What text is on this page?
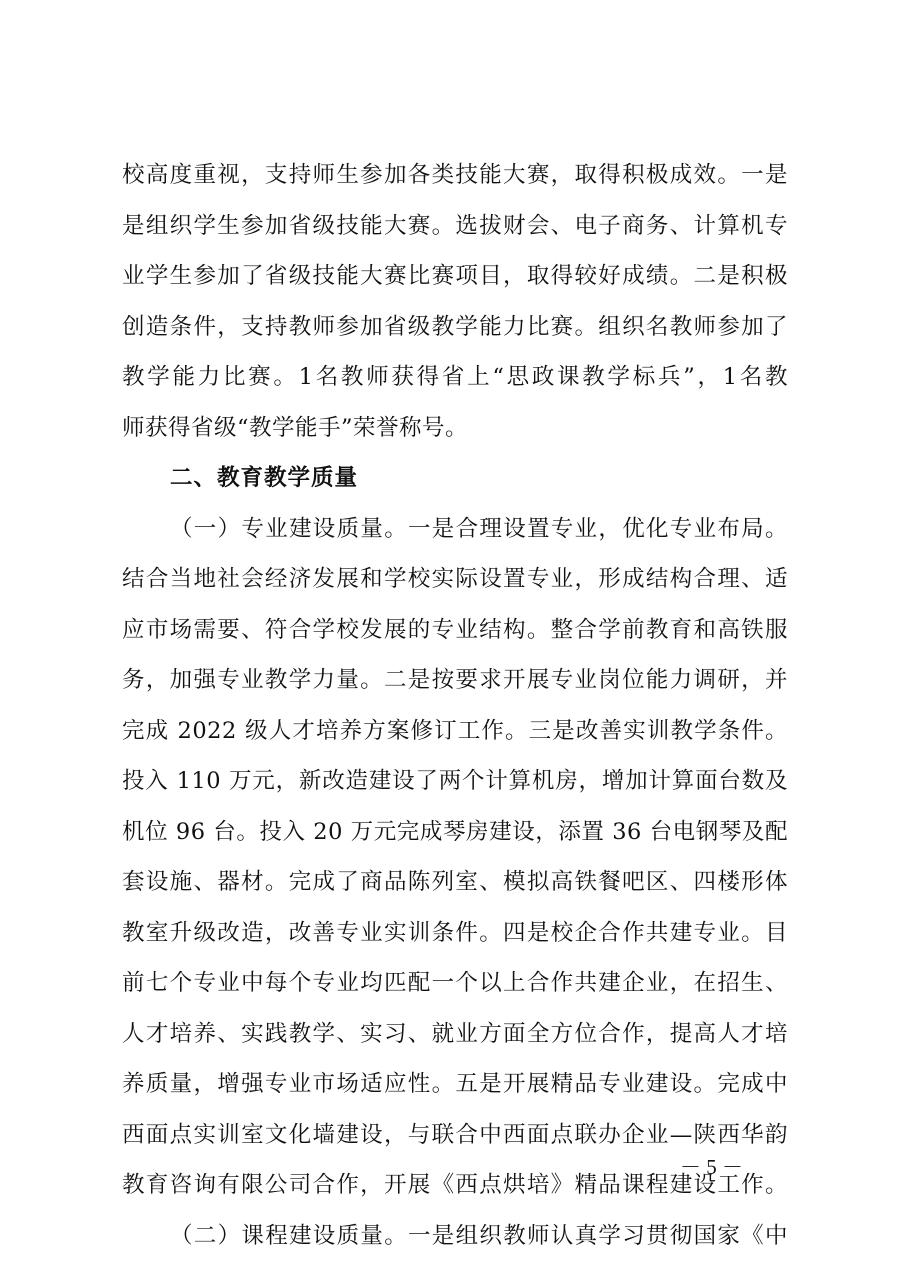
校高度重视，支持师生参加各类技能大赛，取得积极成效。一是
是组织学生参加省级技能大赛。选拔财会、电子商务、计算机专
业学生参加了省级技能大赛比赛项目，取得较好成绩。二是积极
创造条件，支持教师参加省级教学能力比赛。组织名教师参加了
教学能力比赛。1名教师获得省上“思政课教学标兵”，1名教
师获得省级“教学能手”荣誉称号。
二、教育教学质量
（一）专业建设质量。一是合理设置专业，优化专业布局。
结合当地社会经济发展和学校实际设置专业，形成结构合理、适
应市场需要、符合学校发展的专业结构。整合学前教育和高铁服
务，加强专业教学力量。二是按要求开展专业岗位能力调研，并
完成 2022 级人才培养方案修订工作。三是改善实训教学条件。
投入 110 万元，新改造建设了两个计算机房，增加计算面台数及
机位 96 台。投入 20 万元完成琴房建设，添置 36 台电钢琴及配
套设施、器材。完成了商品陈列室、模拟高铁餐吧区、四楼形体
教室升级改造，改善专业实训条件。四是校企合作共建专业。目
前七个专业中每个专业均匹配一个以上合作共建企业，在招生、
人才培养、实践教学、实习、就业方面全方位合作，提高人才培
养质量，增强专业市场适应性。五是开展精品专业建设。完成中
西面点实训室文化墙建设，与联合中西面点联办企业—陕西华韵
教育咨询有限公司合作，开展《西点烘培》精品课程建设工作。
（二）课程建设质量。一是组织教师认真学习贯彻国家《中
－ 5 －
